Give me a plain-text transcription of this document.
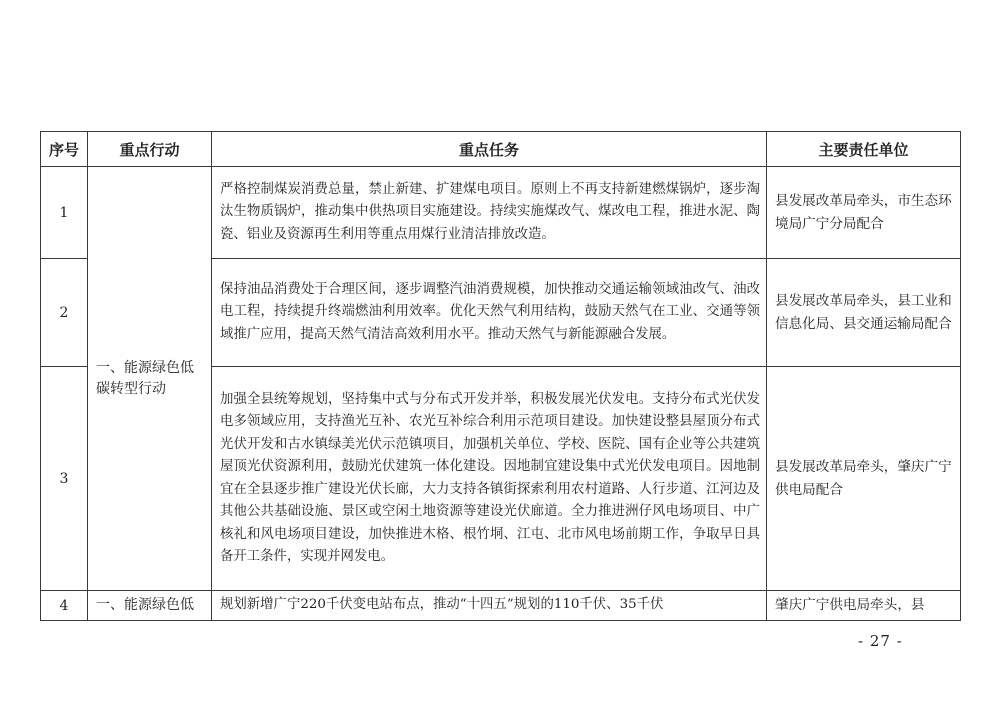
序号	重点行动	重点任务	主要责任单位
1	一、能源绿色低碳转型行动	严格控制煤炭消费总量，禁止新建、扩建煤电项目。原则上不再支持新建燃煤锅炉，逐步淘汰生物质锅炉，推动集中供热项目实施建设。持续实施煤改气、煤改电工程，推进水泥、陶瓷、铝业及资源再生利用等重点用煤行业清洁排放改造。	县发展改革局牵头，市生态环境局广宁分局配合
2		保持油品消费处于合理区间，逐步调整汽油消费规模，加快推动交通运输领域油改气、油改电工程，持续提升终端燃油利用效率。优化天然气利用结构，鼓励天然气在工业、交通等领域推广应用，提高天然气清洁高效利用水平。推动天然气与新能源融合发展。	县发展改革局牵头，县工业和信息化局、县交通运输局配合
3		加强全县统筹规划，坚持集中式与分布式开发并举，积极发展光伏发电。支持分布式光伏发电多领域应用，支持渔光互补、农光互补综合利用示范项目建设。加快建设整县屋顶分布式光伏开发和古水镇绿美光伏示范镇项目，加强机关单位、学校、医院、国有企业等公共建筑屋顶光伏资源利用，鼓励光伏建筑一体化建设。因地制宜建设集中式光伏发电项目。因地制宜在全县逐步推广建设光伏长廊，大力支持各镇街探索利用农村道路、人行步道、江河边及其他公共基础设施、景区或空闲土地资源等建设光伏廊道。全力推进洲仔风电场项目、中广核礼和风电场项目建设，加快推进木格、根竹垌、江屯、北市风电场前期工作，争取早日具备开工条件，实现并网发电。	县发展改革局牵头，肇庆广宁供电局配合
4	一、能源绿色低	规划新增广宁220千伏变电站布点，推动“十四五”规划的110千伏、35千伏	肇庆广宁供电局牵头，县
- 27 -
